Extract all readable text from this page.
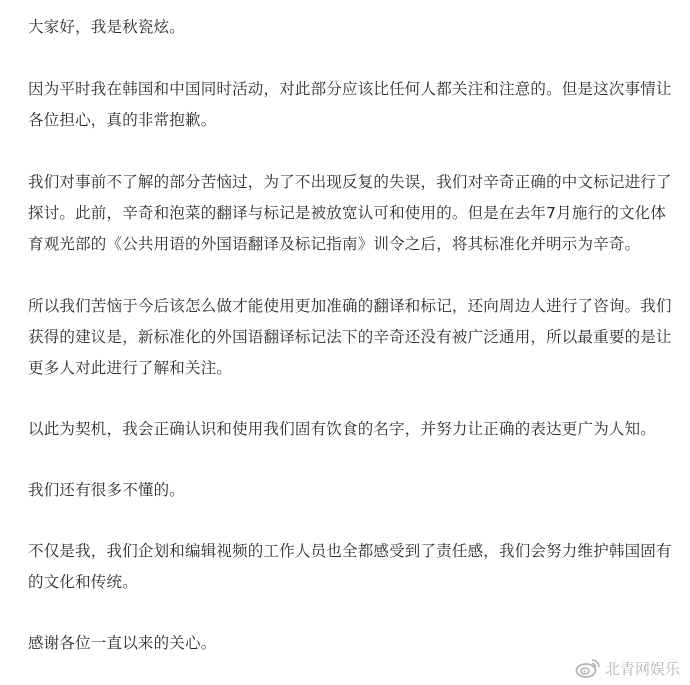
大家好，我是秋瓷炫。

因为平时我在韩国和中国同时活动，对此部分应该比任何人都关注和注意的。但是这次事情让各位担心，真的非常抱歉。

我们对事前不了解的部分苦恼过，为了不出现反复的失误，我们对辛奇正确的中文标记进行了探讨。此前，辛奇和泡菜的翻译与标记是被放宽认可和使用的。但是在去年7月施行的文化体育观光部的《公共用语的外国语翻译及标记指南》训令之后，将其标准化并明示为辛奇。

所以我们苦恼于今后该怎么做才能使用更加准确的翻译和标记，还向周边人进行了咨询。我们获得的建议是，新标准化的外国语翻译标记法下的辛奇还没有被广泛通用，所以最重要的是让更多人对此进行了解和关注。

以此为契机，我会正确认识和使用我们固有饮食的名字，并努力让正确的表达更广为人知。

我们还有很多不懂的。

不仅是我，我们企划和编辑视频的工作人员也全都感受到了责任感，我们会努力维护韩国固有的文化和传统。

感谢各位一直以来的关心。

北青网娱乐
